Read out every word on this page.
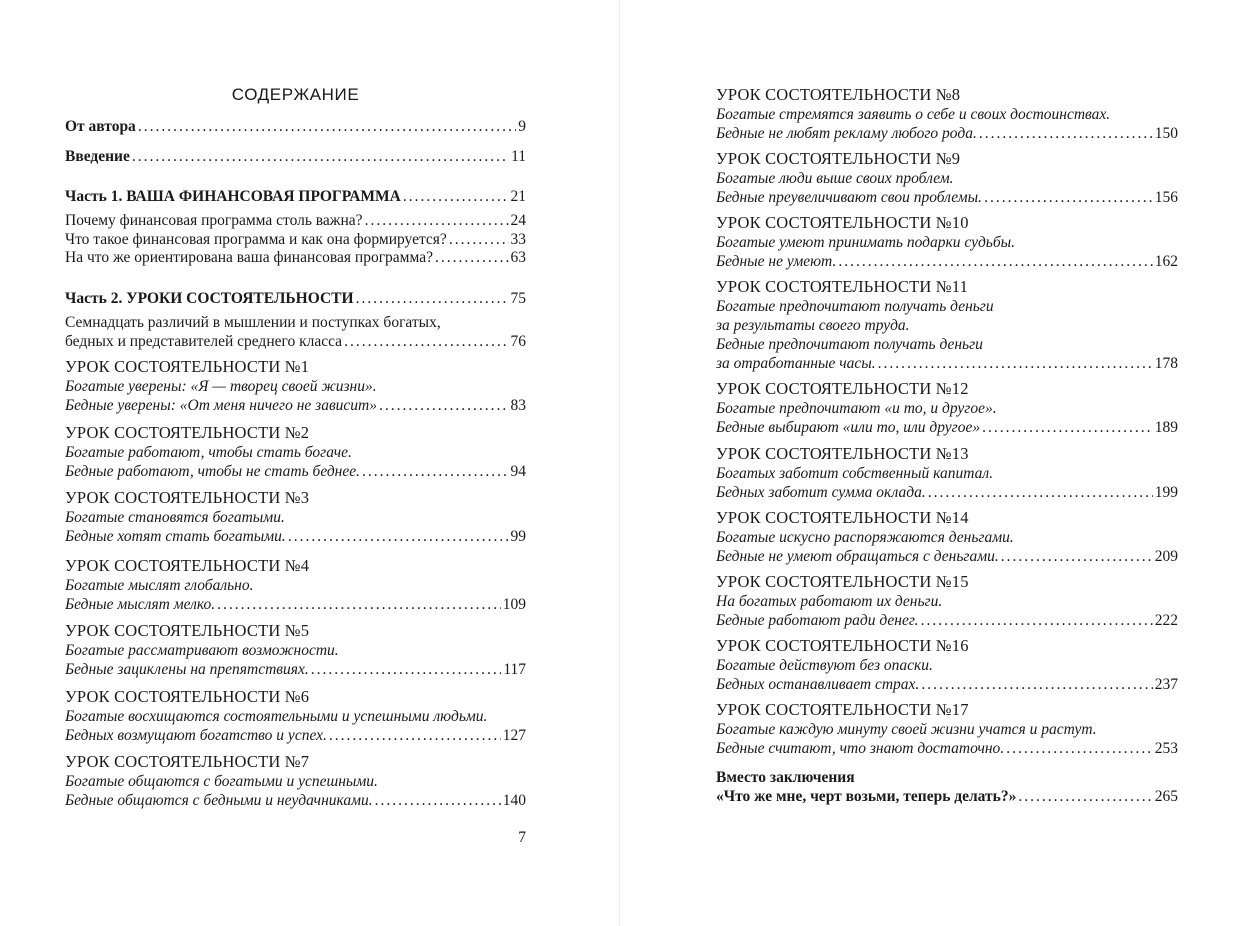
СОДЕРЖАНИЕ
От автора .....	9
Введение .....	11
Часть 1. ВАША ФИНАНСОВАЯ ПРОГРАММА .....	21
Почему финансовая программа столь важна? .....	24
Что такое финансовая программа и как она формируется? .....	33
На что же ориентирована ваша финансовая программа? .....	63
Часть 2. УРОКИ СОСТОЯТЕЛЬНОСТИ .....	75
Семнадцать различий в мышлении и поступках богатых,
бедных и представителей среднего класса .....	76
УРОК СОСТОЯТЕЛЬНОСТИ №1
Богатые уверены: «Я — творец своей жизни».
Бедные уверены: «От меня ничего не зависит» .....	83
УРОК СОСТОЯТЕЛЬНОСТИ №2
Богатые работают, чтобы стать богаче.
Бедные работают, чтобы не стать беднее. .....	94
УРОК СОСТОЯТЕЛЬНОСТИ №3
Богатые становятся богатыми.
Бедные хотят стать богатыми. .....	99
УРОК СОСТОЯТЕЛЬНОСТИ №4
Богатые мыслят глобально.
Бедные мыслят мелко. .....	109
УРОК СОСТОЯТЕЛЬНОСТИ №5
Богатые рассматривают возможности.
Бедные зациклены на препятствиях. .....	117
УРОК СОСТОЯТЕЛЬНОСТИ №6
Богатые восхищаются состоятельными и успешными людьми.
Бедных возмущают богатство и успех. .....	127
УРОК СОСТОЯТЕЛЬНОСТИ №7
Богатые общаются с богатыми и успешными.
Бедные общаются с бедными и неудачниками. .....	140
7
УРОК СОСТОЯТЕЛЬНОСТИ №8
Богатые стремятся заявить о себе и своих достоинствах.
Бедные не любят рекламу любого рода. .....	150
УРОК СОСТОЯТЕЛЬНОСТИ №9
Богатые люди выше своих проблем.
Бедные преувеличивают свои проблемы. .....	156
УРОК СОСТОЯТЕЛЬНОСТИ №10
Богатые умеют принимать подарки судьбы.
Бедные не умеют. .....	162
УРОК СОСТОЯТЕЛЬНОСТИ №11
Богатые предпочитают получать деньги
за результаты своего труда.
Бедные предпочитают получать деньги
за отработанные часы. .....	178
УРОК СОСТОЯТЕЛЬНОСТИ №12
Богатые предпочитают «и то, и другое».
Бедные выбирают «или то, или другое» .....	189
УРОК СОСТОЯТЕЛЬНОСТИ №13
Богатых заботит собственный капитал.
Бедных заботит сумма оклада. .....	199
УРОК СОСТОЯТЕЛЬНОСТИ №14
Богатые искусно распоряжаются деньгами.
Бедные не умеют обращаться с деньгами. .....	209
УРОК СОСТОЯТЕЛЬНОСТИ №15
На богатых работают их деньги.
Бедные работают ради денег. .....	222
УРОК СОСТОЯТЕЛЬНОСТИ №16
Богатые действуют без опаски.
Бедных останавливает страх. .....	237
УРОК СОСТОЯТЕЛЬНОСТИ №17
Богатые каждую минуту своей жизни учатся и растут.
Бедные считают, что знают достаточно. .....	253
Вместо заключения
«Что же мне, черт возьми, теперь делать?» .....	265
